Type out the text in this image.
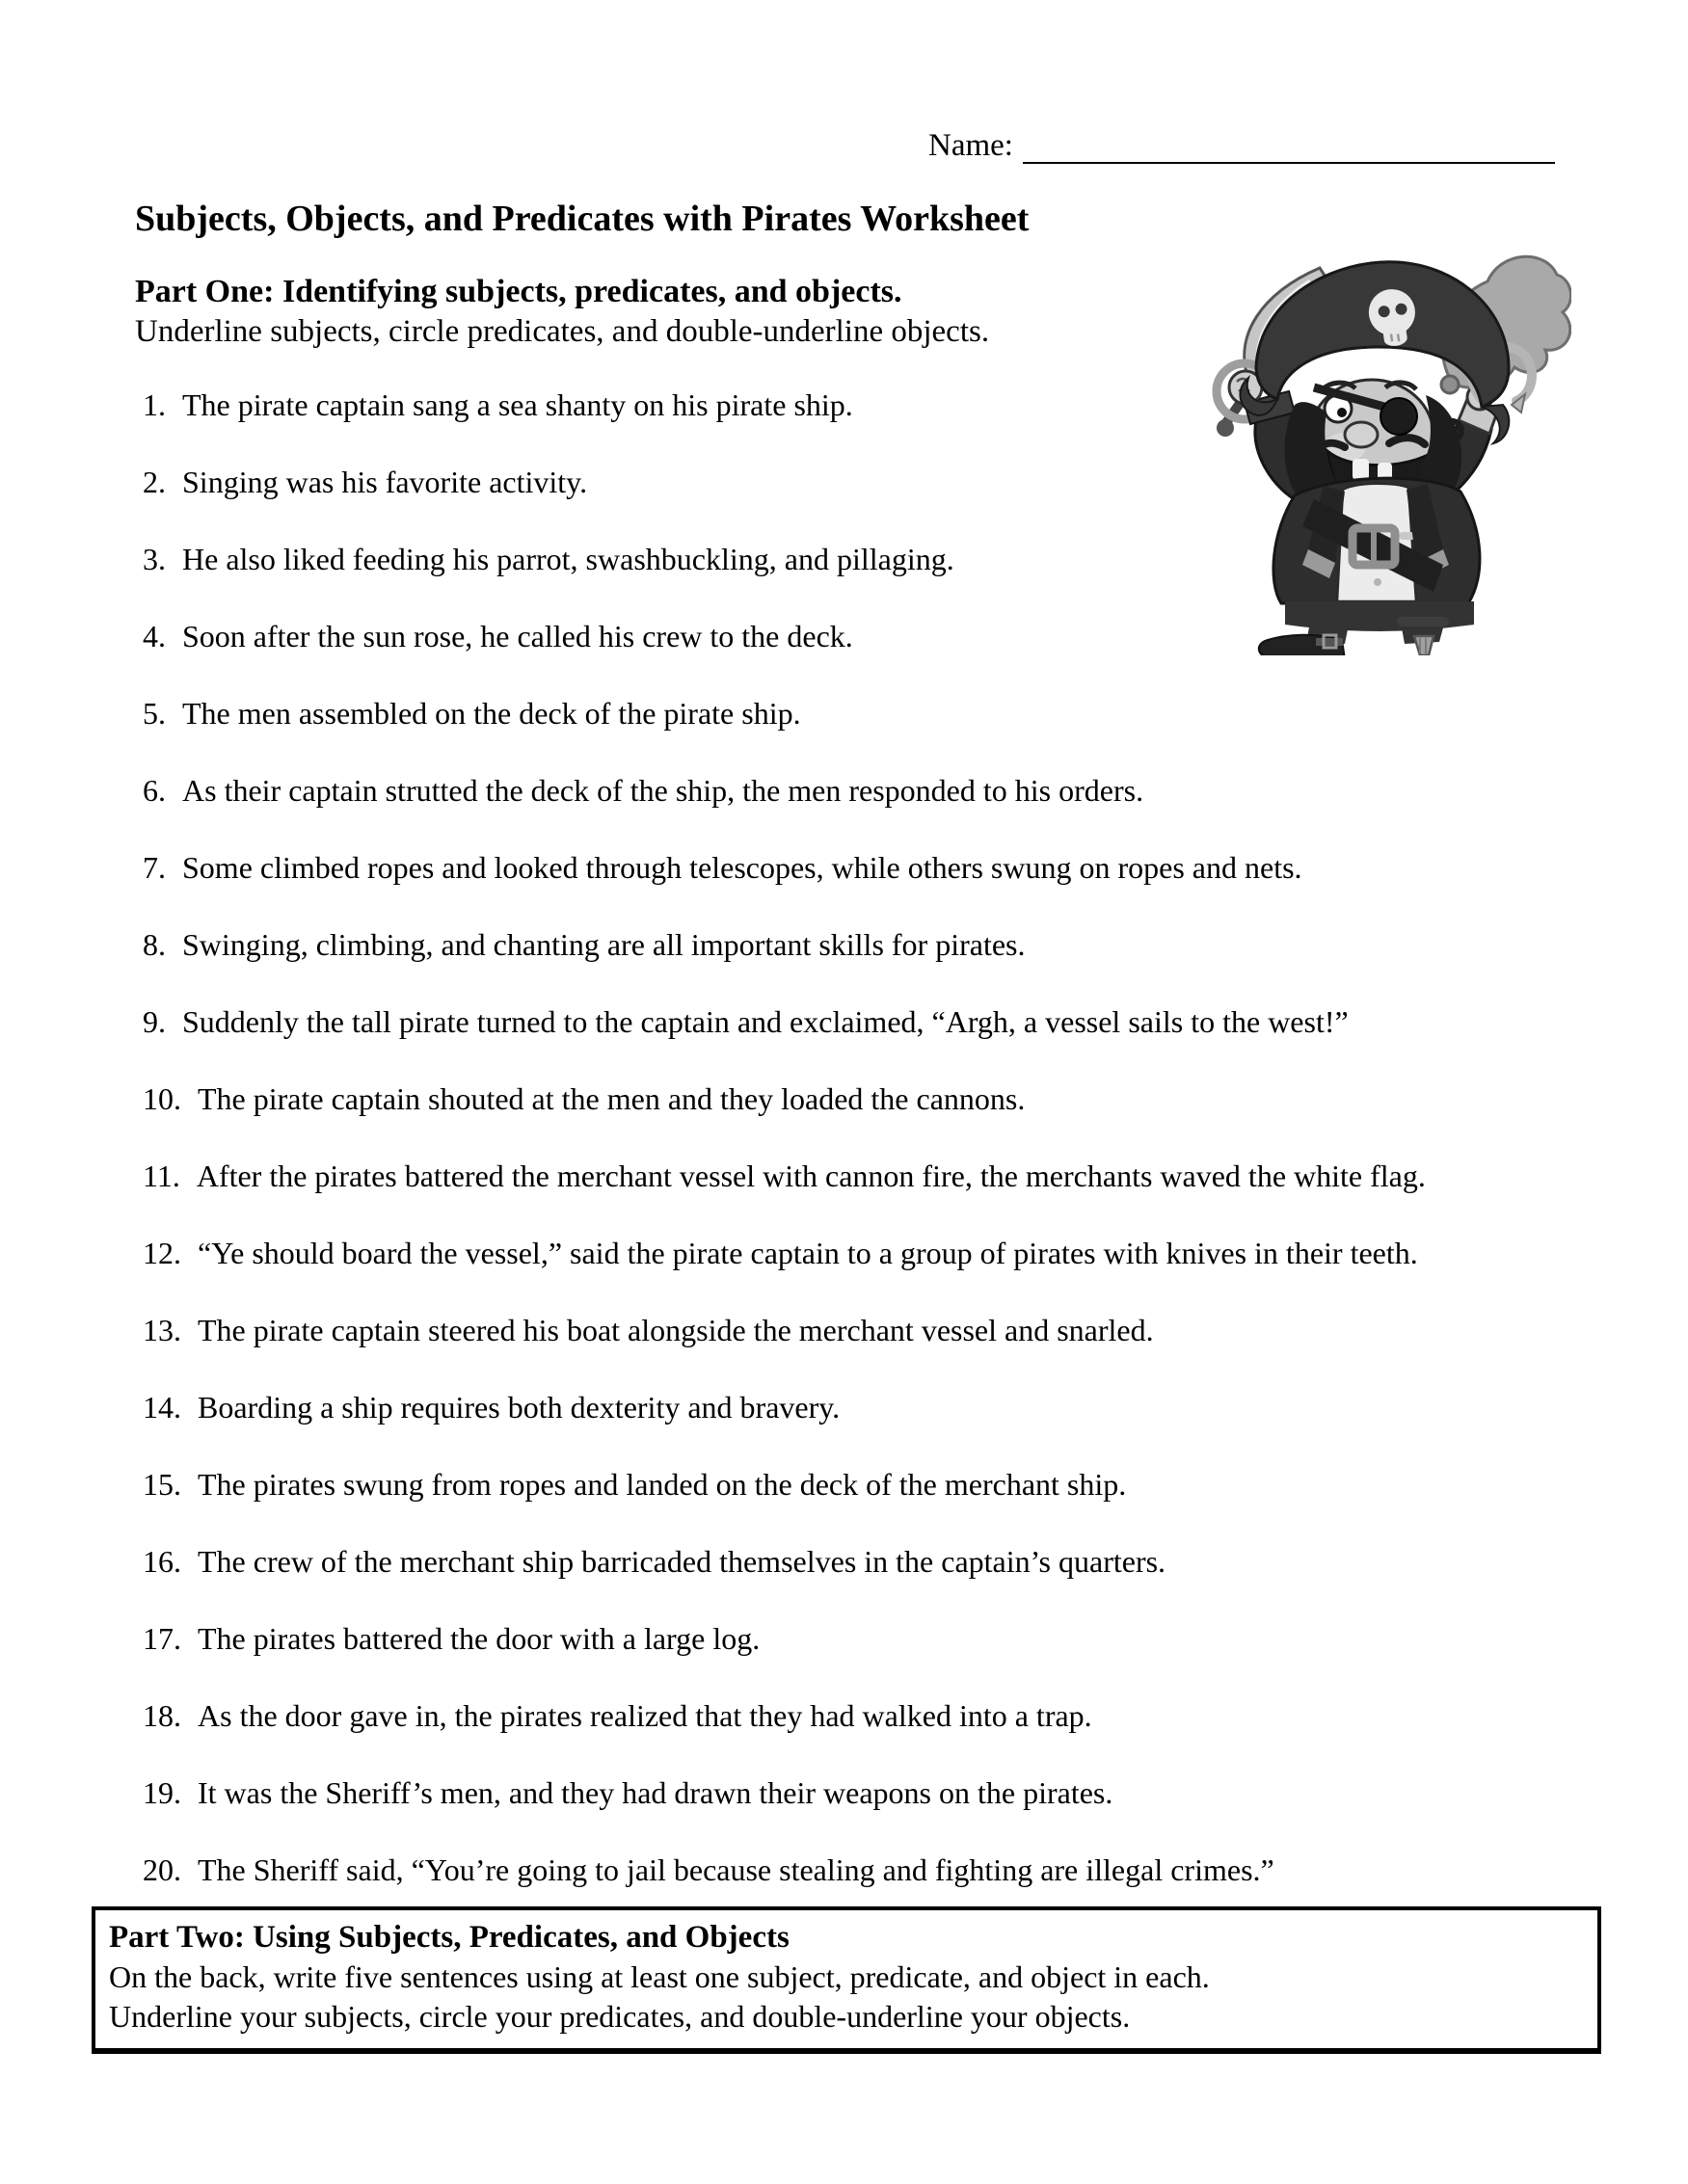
Name:
Subjects, Objects, and Predicates with Pirates Worksheet
Part One: Identifying subjects, predicates, and objects.
Underline subjects, circle predicates, and double-underline objects.
1. The pirate captain sang a sea shanty on his pirate ship.
2. Singing was his favorite activity.
3. He also liked feeding his parrot, swashbuckling, and pillaging.
4. Soon after the sun rose, he called his crew to the deck.
5. The men assembled on the deck of the pirate ship.
6. As their captain strutted the deck of the ship, the men responded to his orders.
7. Some climbed ropes and looked through telescopes, while others swung on ropes and nets.
8. Swinging, climbing, and chanting are all important skills for pirates.
9. Suddenly the tall pirate turned to the captain and exclaimed, “Argh, a vessel sails to the west!”
10. The pirate captain shouted at the men and they loaded the cannons.
11. After the pirates battered the merchant vessel with cannon fire, the merchants waved the white flag.
12. “Ye should board the vessel,” said the pirate captain to a group of pirates with knives in their teeth.
13. The pirate captain steered his boat alongside the merchant vessel and snarled.
14. Boarding a ship requires both dexterity and bravery.
15. The pirates swung from ropes and landed on the deck of the merchant ship.
16. The crew of the merchant ship barricaded themselves in the captain’s quarters.
17. The pirates battered the door with a large log.
18. As the door gave in, the pirates realized that they had walked into a trap.
19. It was the Sheriff’s men, and they had drawn their weapons on the pirates.
20. The Sheriff said, “You’re going to jail because stealing and fighting are illegal crimes.”
Part Two: Using Subjects, Predicates, and Objects
On the back, write five sentences using at least one subject, predicate, and object in each.
Underline your subjects, circle your predicates, and double-underline your objects.
